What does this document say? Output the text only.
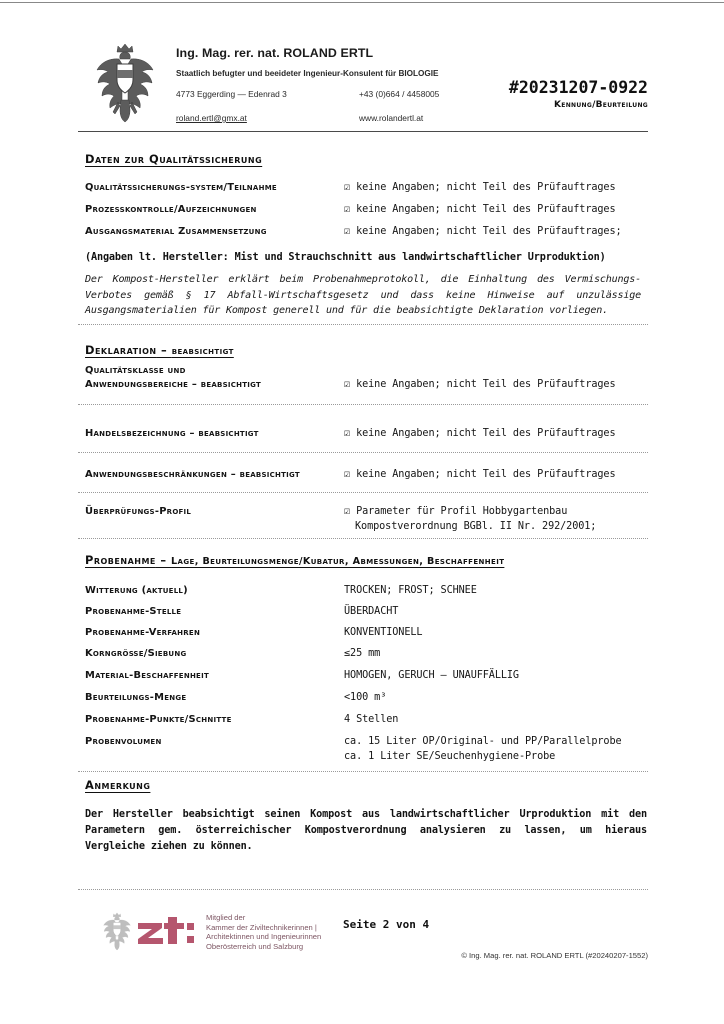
Ing. Mag. rer. nat. ROLAND ERTL
Staatlich befugter und beeideter Ingenieur-Konsulent für BIOLOGIE
4773 Eggerding — Edenrad 3	+43 (0)664 / 4458005
roland.ertl@gmx.at	www.rolandertl.at
#20231207-0922
Kennung/Beurteilung
Daten zur Qualitätssicherung
Qualitätssicherungs-system/Teilnahme	☑ keine Angaben; nicht Teil des Prüfauftrages
Prozesskontrolle/Aufzeichnungen	☑ keine Angaben; nicht Teil des Prüfauftrages
Ausgangsmaterial Zusammensetzung	☑ keine Angaben; nicht Teil des Prüfauftrages;
(Angaben lt. Hersteller: Mist und Strauchschnitt aus landwirtschaftlicher Urproduktion)
Der Kompost-Hersteller erklärt beim Probenahmeprotokoll, die Einhaltung des Vermischungs-
Verbotes gemäß § 17 Abfall-Wirtschaftsgesetz und dass keine Hinweise auf unzulässige
Ausgangsmaterialien für Kompost generell und für die beabsichtigte Deklaration vorliegen.
Deklaration – beabsichtigt
Qualitätsklasse und
Anwendungsbereiche – beabsichtigt	☑ keine Angaben; nicht Teil des Prüfauftrages
Handelsbezeichnung – beabsichtigt	☑ keine Angaben; nicht Teil des Prüfauftrages
Anwendungsbeschränkungen – beabsichtigt	☑ keine Angaben; nicht Teil des Prüfauftrages
Überprüfungs-Profil	☑ Parameter für Profil Hobbygartenbau
Kompostverordnung BGBl. II Nr. 292/2001;
Probenahme – Lage, Beurteilungsmenge/Kubatur, Abmessungen, Beschaffenheit
Witterung (aktuell)	TROCKEN; FROST; SCHNEE
Probenahme-Stelle	ÜBERDACHT
Probenahme-Verfahren	KONVENTIONELL
Korngröße/Siebung	≤25 mm
Material-Beschaffenheit	HOMOGEN, GERUCH – UNAUFFÄLLIG
Beurteilungs-Menge	<100 m³
Probenahme-Punkte/Schnitte	4 Stellen
Probenvolumen	ca. 15 Liter OP/Original- und PP/Parallelprobe
ca. 1 Liter SE/Seuchenhygiene-Probe
Anmerkung
Der Hersteller beabsichtigt seinen Kompost aus landwirtschaftlicher Urproduktion mit den
Parametern gem. österreichischer Kompostverordnung analysieren zu lassen, um hieraus
Vergleiche ziehen zu können.
Mitglied der
Kammer der Ziviltechnikerinnen |
Architektinnen und Ingenieurinnen
Oberösterreich und Salzburg
Seite 2 von 4
© Ing. Mag. rer. nat. ROLAND ERTL (#20240207-1552)
